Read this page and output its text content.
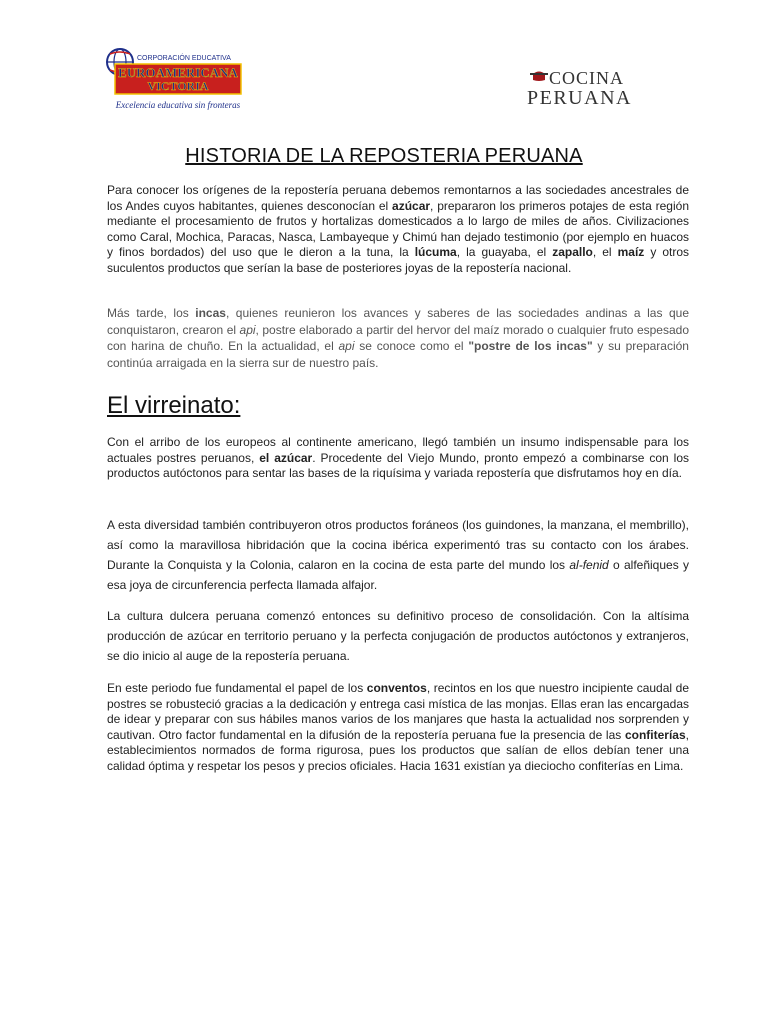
CORPORACIÓN EDUCATIVA
EUROAMERICANA
VICTORIA
Excelencia educativa sin fronteras
COCINA
PERUANA
HISTORIA DE LA REPOSTERIA PERUANA
Para conocer los orígenes de la repostería peruana debemos remontarnos a las sociedades ancestrales de los Andes cuyos habitantes, quienes desconocían el azúcar, prepararon los primeros potajes de esta región mediante el procesamiento de frutos y hortalizas domesticados a lo largo de miles de años. Civilizaciones como Caral, Mochica, Paracas, Nasca, Lambayeque y Chimú han dejado testimonio (por ejemplo en huacos y finos bordados) del uso que le dieron a la tuna, la lúcuma, la guayaba, el zapallo, el maíz y otros suculentos productos que serían la base de posteriores joyas de la repostería nacional.
Más tarde, los incas, quienes reunieron los avances y saberes de las sociedades andinas a las que conquistaron, crearon el api, postre elaborado a partir del hervor del maíz morado o cualquier fruto espesado con harina de chuño. En la actualidad, el api se conoce como el "postre de los incas" y su preparación continúa arraigada en la sierra sur de nuestro país.
El virreinato:
Con el arribo de los europeos al continente americano, llegó también un insumo indispensable para los actuales postres peruanos, el azúcar. Procedente del Viejo Mundo, pronto empezó a combinarse con los productos autóctonos para sentar las bases de la riquísima y variada repostería que disfrutamos hoy en día.
A esta diversidad también contribuyeron otros productos foráneos (los guindones, la manzana, el membrillo), así como la maravillosa hibridación que la cocina ibérica experimentó tras su contacto con los árabes. Durante la Conquista y la Colonia, calaron en la cocina de esta parte del mundo los al-fenid o alfeñiques y esa joya de circunferencia perfecta llamada alfajor.
La cultura dulcera peruana comenzó entonces su definitivo proceso de consolidación. Con la altísima producción de azúcar en territorio peruano y la perfecta conjugación de productos autóctonos y extranjeros, se dio inicio al auge de la repostería peruana.
En este periodo fue fundamental el papel de los conventos, recintos en los que nuestro incipiente caudal de postres se robusteció gracias a la dedicación y entrega casi mística de las monjas. Ellas eran las encargadas de idear y preparar con sus hábiles manos varios de los manjares que hasta la actualidad nos sorprenden y cautivan. Otro factor fundamental en la difusión de la repostería peruana fue la presencia de las confiterías, establecimientos normados de forma rigurosa, pues los productos que salían de ellos debían tener una calidad óptima y respetar los pesos y precios oficiales. Hacia 1631 existían ya dieciocho confiterías en Lima.
